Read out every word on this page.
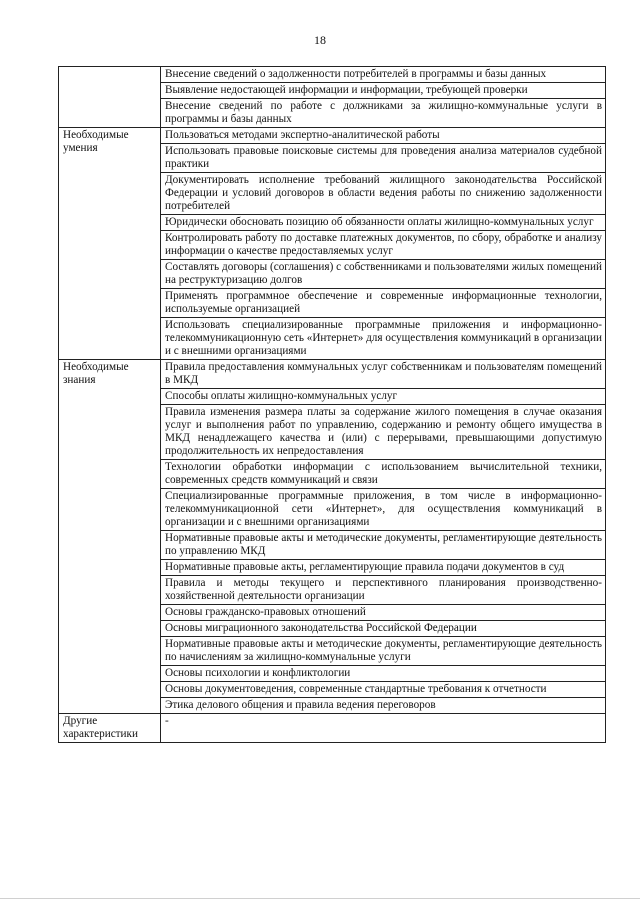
18
	Внесение сведений о задолженности потребителей в программы и базы данных
	Выявление недостающей информации и информации, требующей проверки
	Внесение сведений по работе с должниками за жилищно-коммунальные услуги в программы и базы данных
Необходимые умения	Пользоваться методами экспертно-аналитической работы
	Использовать правовые поисковые системы для проведения анализа материалов судебной практики
	Документировать исполнение требований жилищного законодательства Российской Федерации и условий договоров в области ведения работы по снижению задолженности потребителей
	Юридически обосновать позицию об обязанности оплаты жилищно-коммунальных услуг
	Контролировать работу по доставке платежных документов, по сбору, обработке и анализу информации о качестве предоставляемых услуг
	Составлять договоры (соглашения) с собственниками и пользователями жилых помещений на реструктуризацию долгов
	Применять программное обеспечение и современные информационные технологии, используемые организацией
	Использовать специализированные программные приложения и информационно-телекоммуникационную сеть «Интернет» для осуществления коммуникаций в организации и с внешними организациями
Необходимые знания	Правила предоставления коммунальных услуг собственникам и пользователям помещений в МКД
	Способы оплаты жилищно-коммунальных услуг
	Правила изменения размера платы за содержание жилого помещения в случае оказания услуг и выполнения работ по управлению, содержанию и ремонту общего имущества в МКД ненадлежащего качества и (или) с перерывами, превышающими допустимую продолжительность их непредоставления
	Технологии обработки информации с использованием вычислительной техники, современных средств коммуникаций и связи
	Специализированные программные приложения, в том числе в информационно-телекоммуникационной сети «Интернет», для осуществления коммуникаций в организации и с внешними организациями
	Нормативные правовые акты и методические документы, регламентирующие деятельность по управлению МКД
	Нормативные правовые акты, регламентирующие правила подачи документов в суд
	Правила и методы текущего и перспективного планирования производственно-хозяйственной деятельности организации
	Основы гражданско-правовых отношений
	Основы миграционного законодательства Российской Федерации
	Нормативные правовые акты и методические документы, регламентирующие деятельность по начислениям за жилищно-коммунальные услуги
	Основы психологии и конфликтологии
	Основы документоведения, современные стандартные требования к отчетности
	Этика делового общения и правила ведения переговоров
Другие характеристики	-
